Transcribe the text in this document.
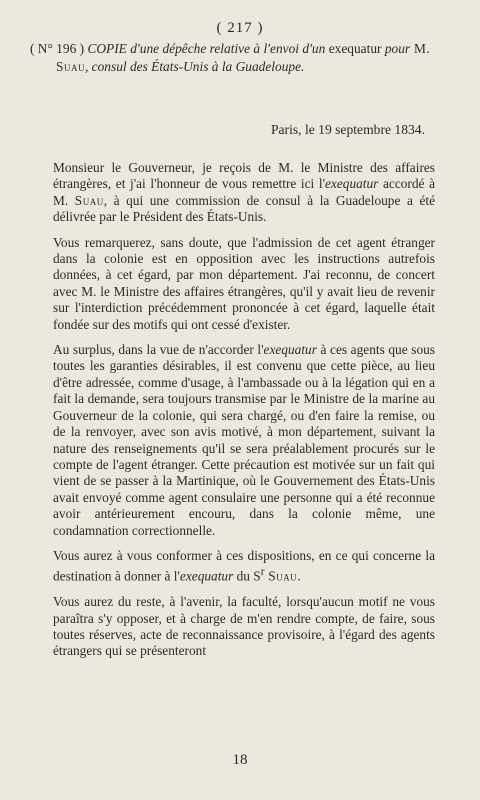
( 217 )
( N° 196 ) COPIE d'une dépêche relative à l'envoi d'un exequatur pour M. Suau, consul des États-Unis à la Guadeloupe.
Paris, le 19 septembre 1834.

Monsieur le Gouverneur, je reçois de M. le Ministre des affaires étrangères, et j'ai l'honneur de vous remettre ici l'exequatur accordé à M. Suau, à qui une commission de consul à la Guadeloupe a été délivrée par le Président des États-Unis.

Vous remarquerez, sans doute, que l'admission de cet agent étranger dans la colonie est en opposition avec les instructions autrefois données, à cet égard, par mon département. J'ai reconnu, de concert avec M. le Ministre des affaires étrangères, qu'il y avait lieu de revenir sur l'interdiction précédemment prononcée à cet égard, laquelle était fondée sur des motifs qui ont cessé d'exister.

Au surplus, dans la vue de n'accorder l'exequatur à ces agents que sous toutes les garanties désirables, il est convenu que cette pièce, au lieu d'être adressée, comme d'usage, à l'ambassade ou à la légation qui en a fait la demande, sera toujours transmise par le Ministre de la marine au Gouverneur de la colonie, qui sera chargé, ou d'en faire la remise, ou de la renvoyer, avec son avis motivé, à mon département, suivant la nature des renseignements qu'il se sera préalablement procurés sur le compte de l'agent étranger. Cette précaution est motivée sur un fait qui vient de se passer à la Martinique, où le Gouvernement des États-Unis avait envoyé comme agent consulaire une personne qui a été reconnue avoir antérieurement encouru, dans la colonie même, une condamnation correctionnelle.

Vous aurez à vous conformer à ces dispositions, en ce qui concerne la destination à donner à l'exequatur du $S^r$ Suau.

Vous aurez du reste, à l'avenir, la faculté, lorsqu'aucun motif ne vous paraîtra s'y opposer, et à charge de m'en rendre compte, de faire, sous toutes réserves, acte de reconnaissance provisoire, à l'égard des agents étrangers qui se présenteront

18
